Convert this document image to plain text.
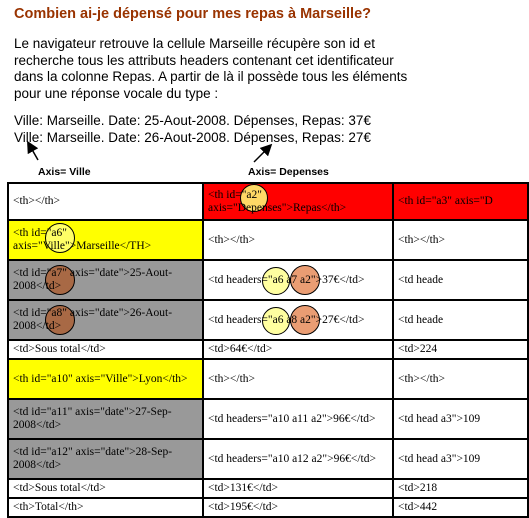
Combien ai-je dépensé pour mes repas à Marseille?

Le navigateur retrouve la cellule Marseille récupère son id et recherche tous les attributs headers contenant cet identificateur dans la colonne Repas. A partir de là il possède tous les éléments pour une réponse vocale du type :

Ville: Marseille. Date: 25-Aout-2008. Dépenses, Repas: 37€

Ville: Marseille. Date: 26-Aout-2008. Dépenses, Repas: 27€

Axis= Ville	Axis= Depenses
<th></th>	<th id="a2" axis="Depenses">Repas</th>	<th id="a3" axis="D

<th id="a6" axis="Ville">Marseille</TH>	<th></th>	<th></th>

<td id="a7" axis="date">25-Aout-2008</td>	<td headers="a6 a7 a2">37€</td>	<td heade

<td id="a8" axis="date">26-Aout-2008</td>	<td headers="a6 a8 a2">27€</td>	<td heade
<td>Sous total</td>	<td>64€</td>	<td>224
<th id="a10" axis="Ville">Lyon</th>	<th></th>	<th></th>
<td id="a11" axis="date">27-Sep-2008</td>	<td headers="a10 a11 a2">96€</td>	<td head a3">109
<td id="a12" axis="date">28-Sep-2008</td>	<td headers="a10 a12 a2">96€</td>	<td head a3">109
<td>Sous total</td>	<td>131€</td>	<td>218
<th>Total</th>	<td>195€</td>	<td>442
